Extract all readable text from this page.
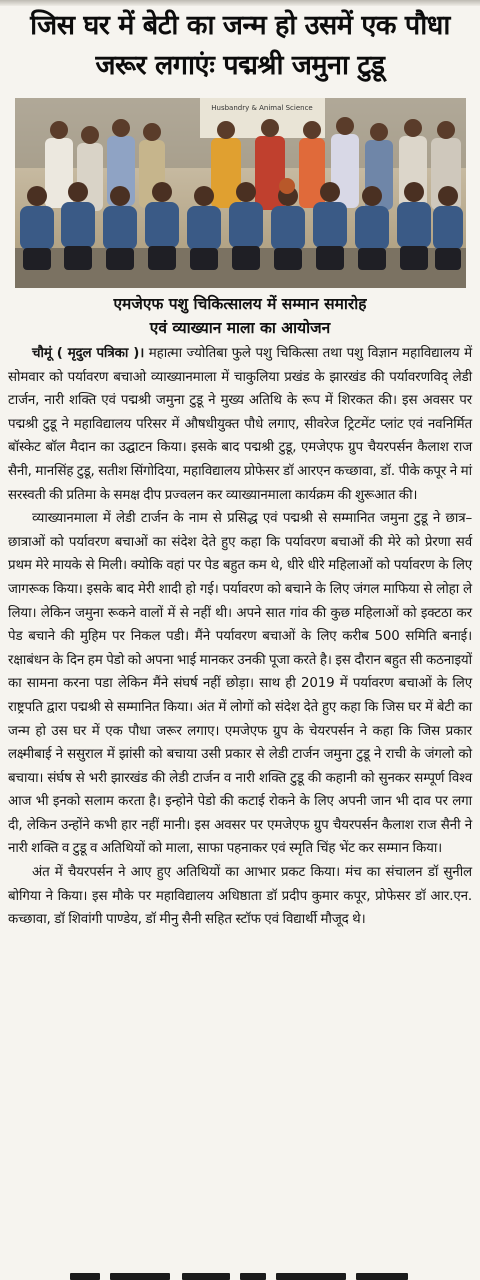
जिस घर में बेटी का जन्म हो उसमें एक पौधा
जरूर लगाएंः पद्मश्री जमुना टुडू
Husbandry & Animal Science
एमजेएफ पशु चिकित्सालय में सम्मान समारोह
एवं व्याख्यान माला का आयोजन

चौमूं ( मृदुल पत्रिका )। महात्मा ज्योतिबा फुले पशु चिकित्सा तथा पशु विज्ञान महाविद्यालय में सोमवार को पर्यावरण बचाओ व्याख्यानमाला में चाकुलिया प्रखंड के झारखंड की पर्यावरणविद् लेडी टार्जन, नारी शक्ति एवं पद्मश्री जमुना टुडू ने मुख्य अतिथि के रूप में शिरकत की। इस अवसर पर पद्मश्री टुडू ने महाविद्यालय परिसर में औषधीयुक्त पौधे लगाए, सीवरेज ट्रिटमेंट प्लांट एवं नवनिर्मित बॉस्केट बॉल मैदान का उद्घाटन किया। इसके बाद पद्मश्री टुडू, एमजेएफ ग्रुप चैयरपर्सन कैलाश राज सैनी, मानसिंह टुडू, सतीश सिंगोदिया, महाविद्यालय प्रोफेसर डॉ आरएन कच्छावा, डॉ. पीके कपूर ने मां सरस्वती की प्रतिमा के समक्ष दीप प्रज्वलन कर व्याख्यानमाला कार्यक्रम की शुरूआत की।

व्याख्यानमाला में लेडी टार्जन के नाम से प्रसिद्ध एवं पद्मश्री से सम्मानित जमुना टुडू ने छात्र–छात्राओं को पर्यावरण बचाओं का संदेश देते हुए कहा कि पर्यावरण बचाओं की मेरे को प्रेरणा सर्व प्रथम मेरे मायके से मिली। क्योकि वहां पर पेड बहुत कम थे, धीरे धीरे महिलाओं को पर्यावरण के लिए जागरूक किया। इसके बाद मेरी शादी हो गई। पर्यावरण को बचाने के लिए जंगल माफिया से लोहा ले लिया। लेकिन जमुना रूकने वालों में से नहीं थी। अपने सात गांव की कुछ महिलाओं को इक्टठा कर पेड बचाने की मुहिम पर निकल पडी। मैंने पर्यावरण बचाओं के लिए करीब 500 समिति बनाई। रक्षाबंधन के दिन हम पेडो को अपना भाई मानकर उनकी पूजा करते है। इस दौरान बहुत सी कठनाइयों का सामना करना पडा लेकिन मैंने संघर्ष नहीं छोड़ा। साथ ही 2019 में पर्यावरण बचाओं के लिए राष्ट्रपति द्वारा पद्मश्री से सम्मानित किया। अंत में लोगों को संदेश देते हुए कहा कि जिस घर में बेटी का जन्म हो उस घर में एक पौधा जरूर लगाए। एमजेएफ ग्रुप के चेयरपर्सन ने कहा कि जिस प्रकार लक्ष्मीबाई ने ससुराल में झांसी को बचाया उसी प्रकार से लेडी टार्जन जमुना टुडू ने राची के जंगलो को बचाया। संर्घष से भरी झारखंड की लेडी टार्जन व नारी शक्ति टुडू की कहानी को सुनकर सम्पूर्ण विश्व आज भी इनको सलाम करता है। इन्होने पेडो की कटाई रोकने के लिए अपनी जान भी दाव पर लगा दी, लेकिन उन्होंने कभी हार नहीं मानी। इस अवसर पर एमजेएफ ग्रुप चैयरपर्सन कैलाश राज सैनी ने नारी शक्ति व टुडू व अतिथियों को माला, साफा पहनाकर एवं स्मृति चिंह भेंट कर सम्मान किया।

अंत में चैयरपर्सन ने आए हुए अतिथियों का आभार प्रकट किया। मंच का संचालन डॉ सुनील बोगिया ने किया। इस मौके पर महाविद्यालय अधिष्ठाता डॉ प्रदीप कुमार कपूर, प्रोफेसर डॉ आर.एन. कच्छावा, डॉ शिवांगी पाण्डेय, डॉ मीनु सैनी सहित स्टॉफ एवं विद्यार्थी मौजूद थे।
